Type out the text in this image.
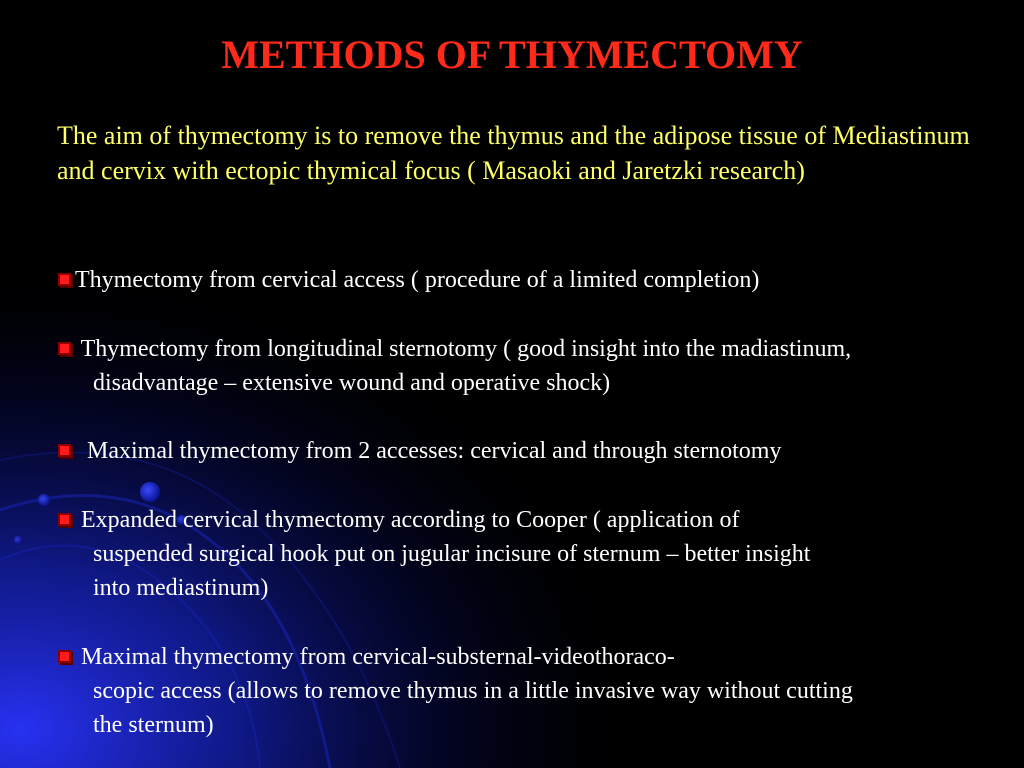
METHODS OF THYMECTOMY

The aim of thymectomy is to remove the thymus and the adipose tissue of Mediastinum and cervix with ectopic thymical focus ( Masaoki and Jaretzki research)

Thymectomy from cervical access ( procedure of a limited completion)
Thymectomy from longitudinal sternotomy ( good insight into the madiastinum,
disadvantage – extensive wound and operative shock)
Maximal thymectomy from 2 accesses: cervical and through sternotomy
Expanded cervical thymectomy according to Cooper ( application of
suspended surgical hook put on jugular incisure of sternum – better insight
into mediastinum)
Maximal thymectomy from cervical-substernal-videothoraco-
scopic access (allows to remove thymus in a little invasive way without cutting
the sternum)
